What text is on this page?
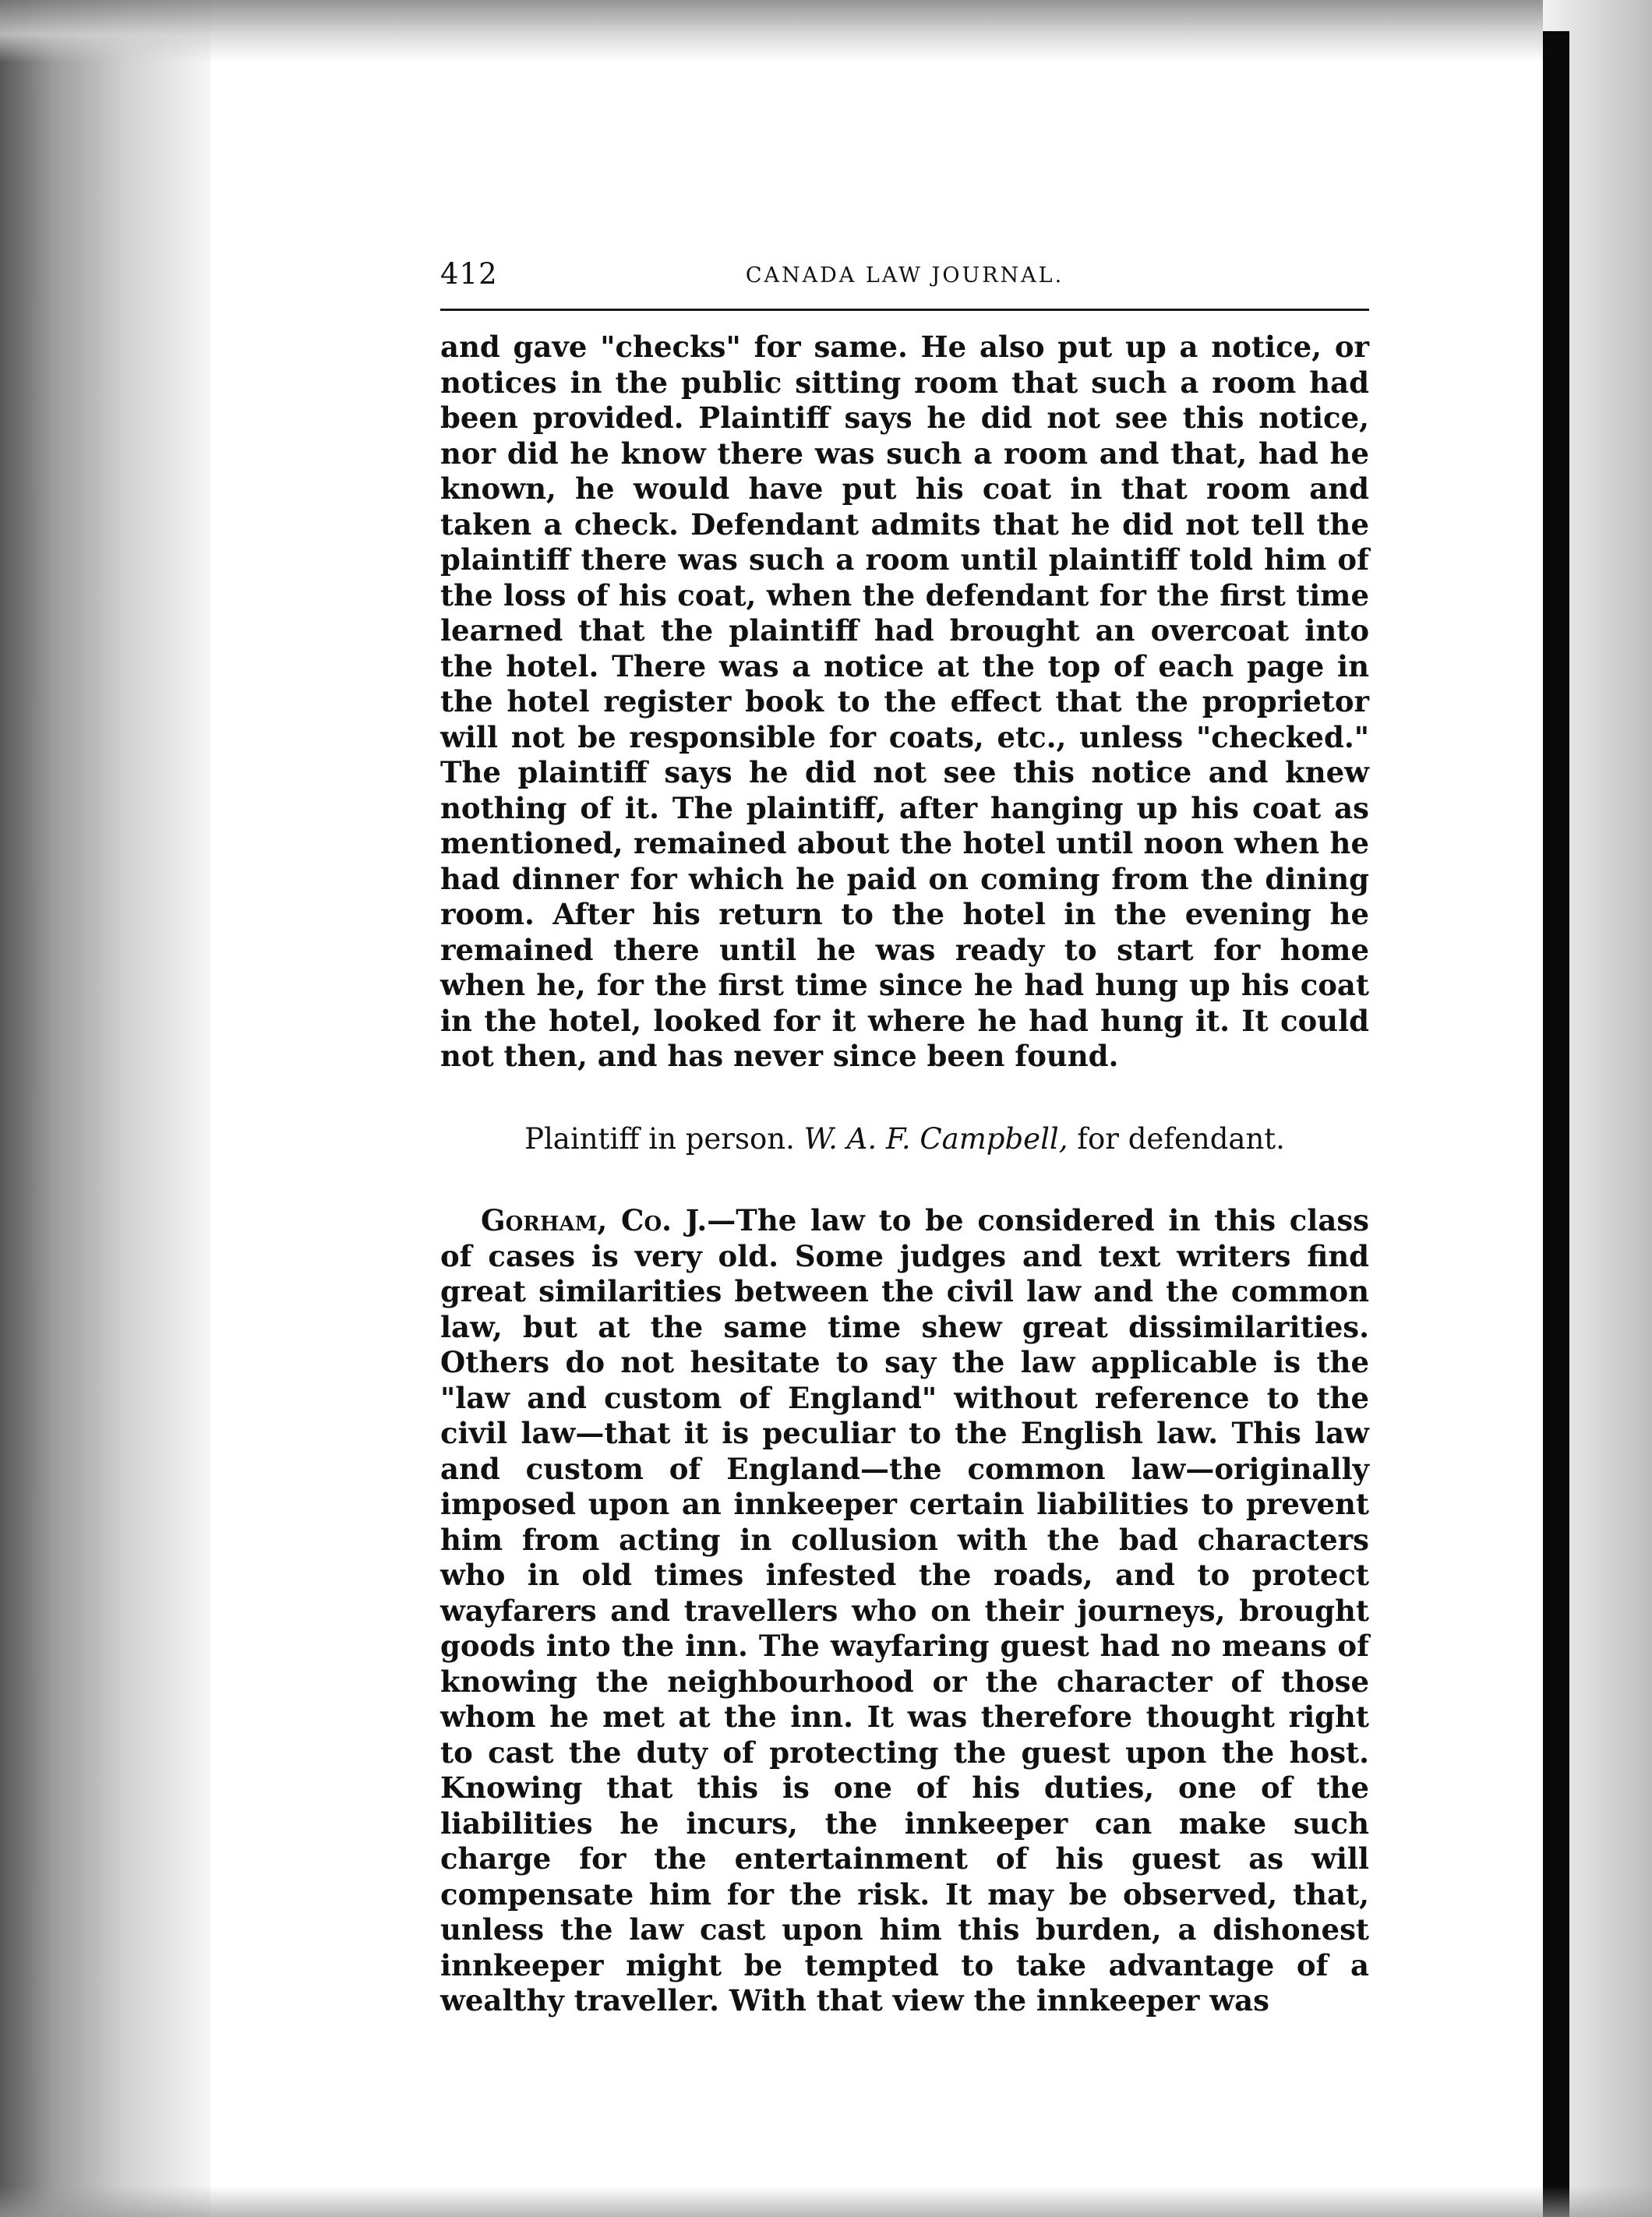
412	CANADA LAW JOURNAL.

and gave "checks" for same. He also put up a notice, or notices in the public sitting room that such a room had been provided. Plaintiff says he did not see this notice, nor did he know there was such a room and that, had he known, he would have put his coat in that room and taken a check. Defendant admits that he did not tell the plaintiff there was such a room until plaintiff told him of the loss of his coat, when the defendant for the first time learned that the plaintiff had brought an overcoat into the hotel. There was a notice at the top of each page in the hotel register book to the effect that the proprietor will not be responsible for coats, etc., unless "checked." The plaintiff says he did not see this notice and knew nothing of it. The plaintiff, after hanging up his coat as mentioned, remained about the hotel until noon when he had dinner for which he paid on coming from the dining room. After his return to the hotel in the evening he remained there until he was ready to start for home when he, for the first time since he had hung up his coat in the hotel, looked for it where he had hung it. It could not then, and has never since been found.

Plaintiff in person. W. A. F. Campbell, for defendant.

Gorham, Co. J.—The law to be considered in this class of cases is very old. Some judges and text writers find great similarities between the civil law and the common law, but at the same time shew great dissimilarities. Others do not hesitate to say the law applicable is the "law and custom of England" without reference to the civil law—that it is peculiar to the English law. This law and custom of England—the common law—originally imposed upon an innkeeper certain liabilities to prevent him from acting in collusion with the bad characters who in old times infested the roads, and to protect wayfarers and travellers who on their journeys, brought goods into the inn. The wayfaring guest had no means of knowing the neighbourhood or the character of those whom he met at the inn. It was therefore thought right to cast the duty of protecting the guest upon the host. Knowing that this is one of his duties, one of the liabilities he incurs, the innkeeper can make such charge for the entertainment of his guest as will compensate him for the risk. It may be observed, that, unless the law cast upon him this burden, a dishonest innkeeper might be tempted to take advantage of a wealthy traveller. With that view the innkeeper was
